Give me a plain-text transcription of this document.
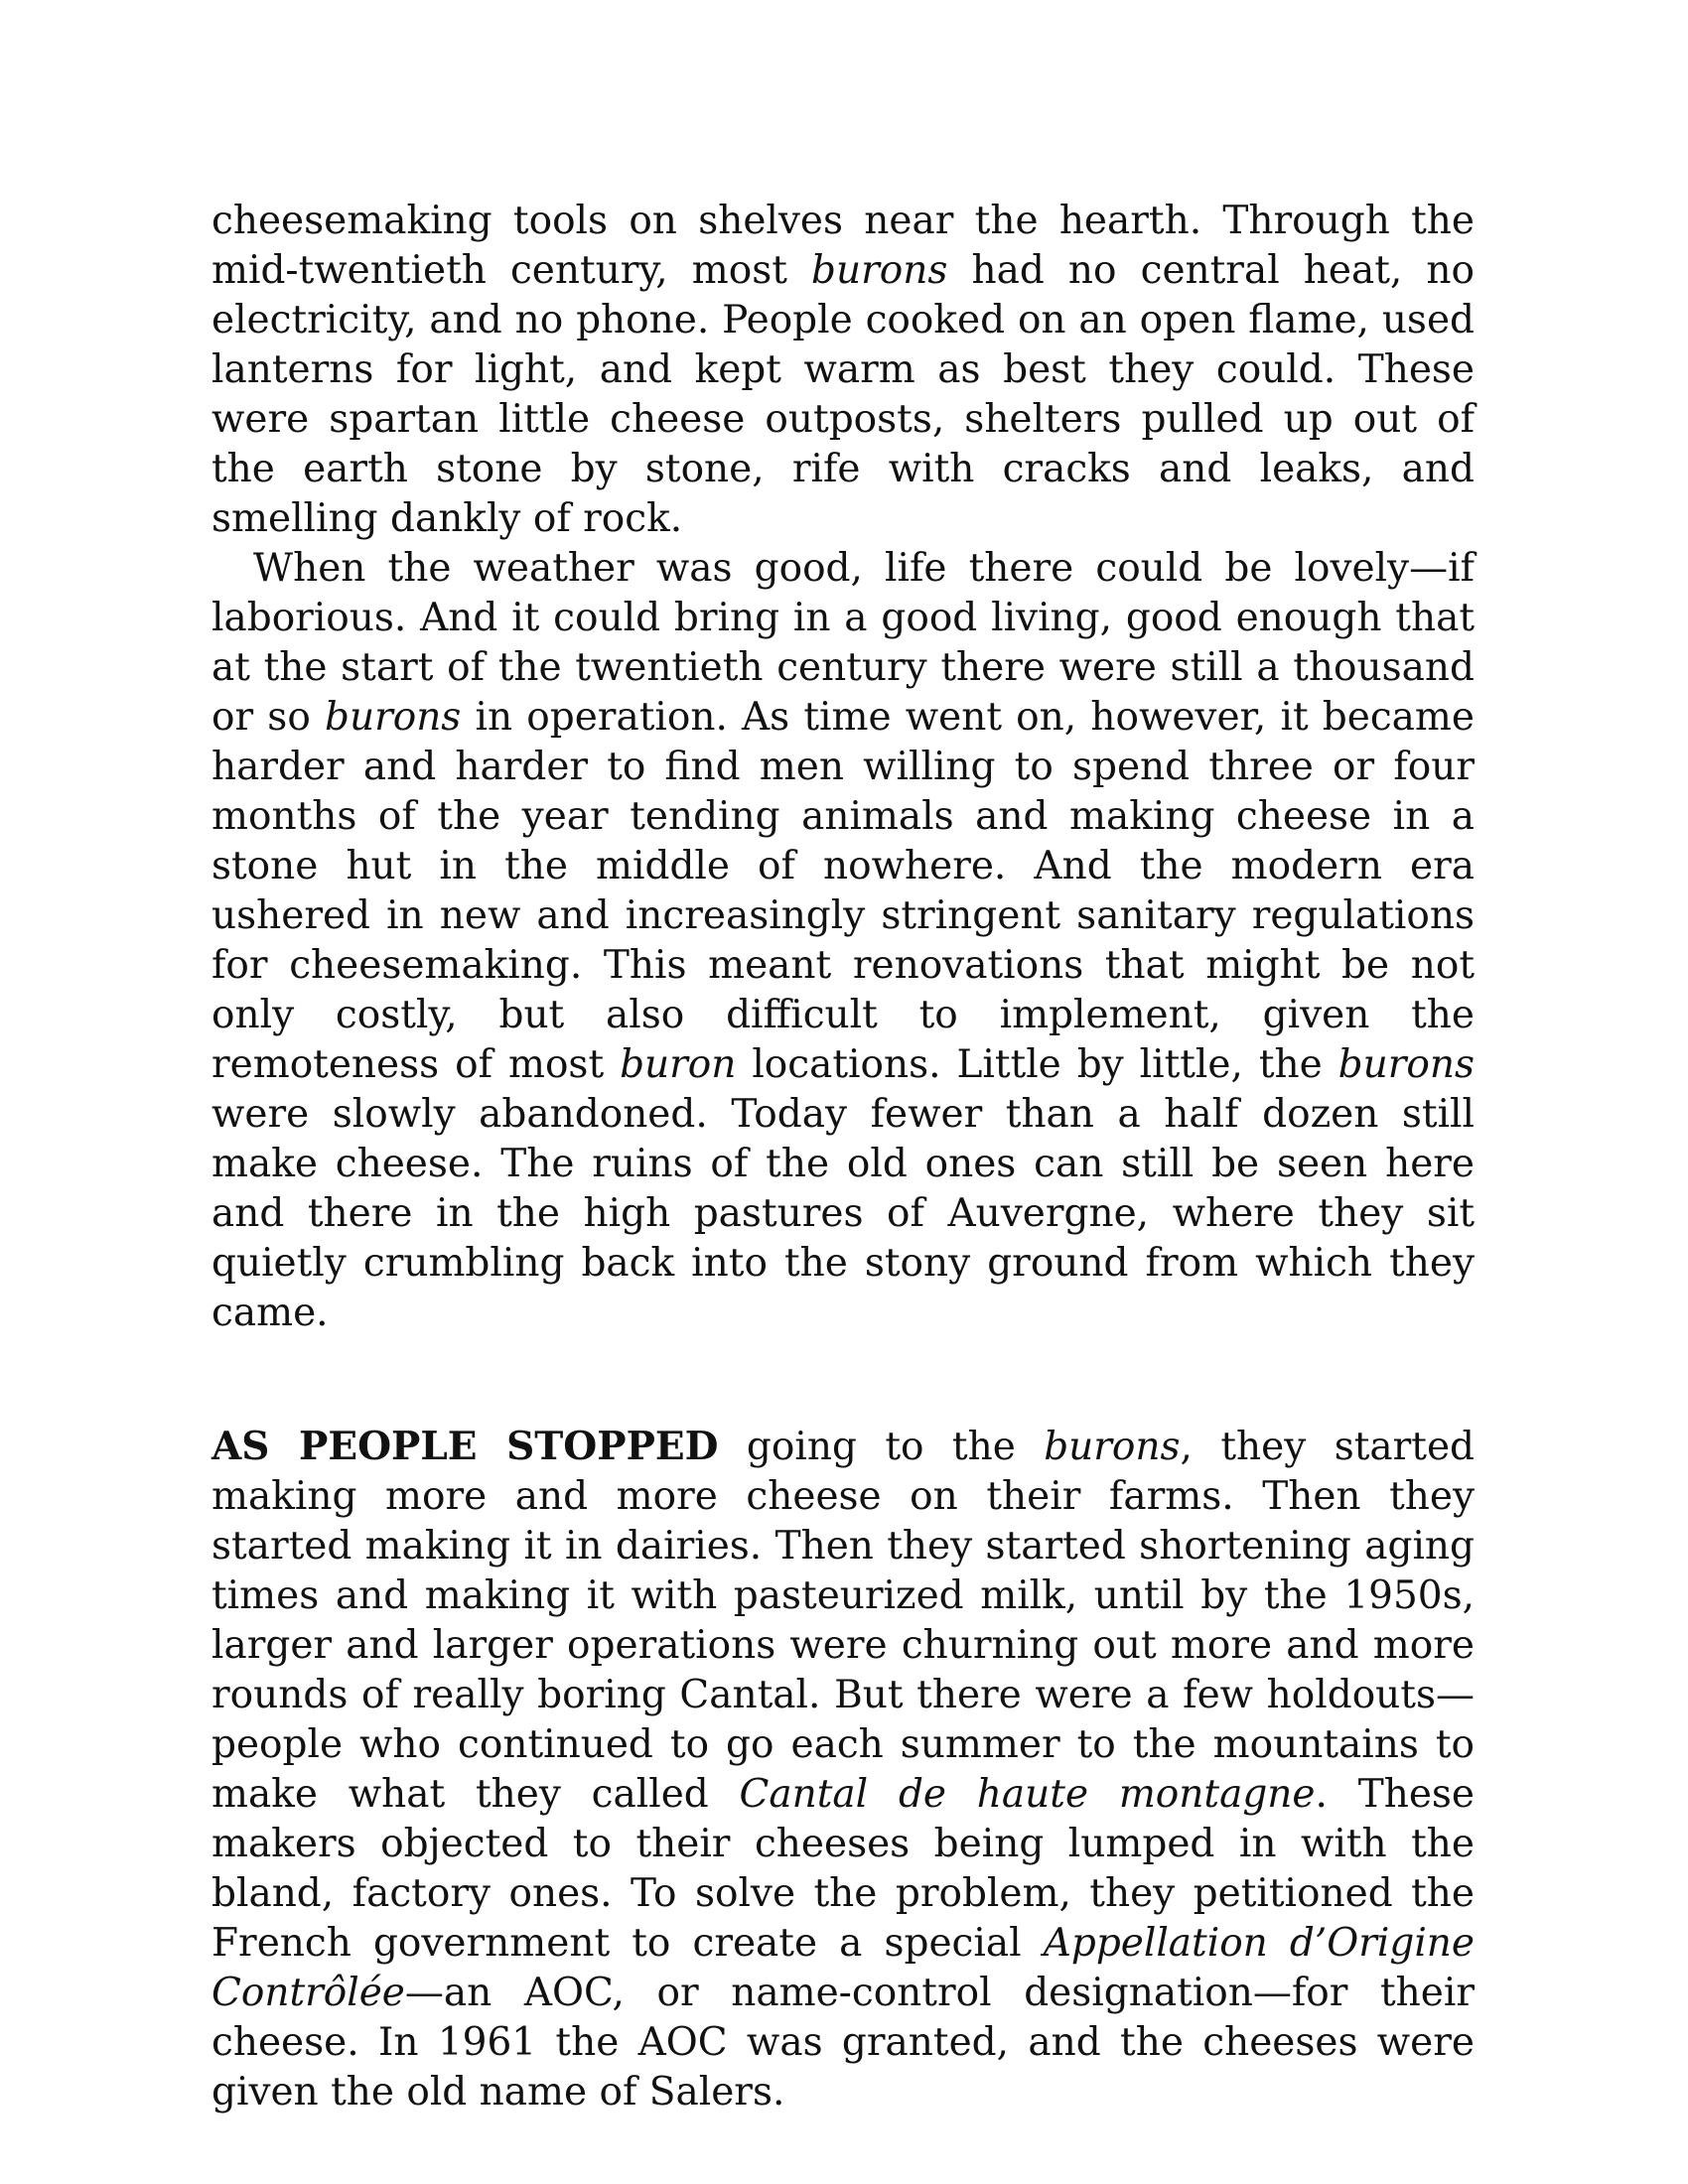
cheesemaking tools on shelves near the hearth. Through the mid-twentieth century, most burons had no central heat, no electricity, and no phone. People cooked on an open flame, used lanterns for light, and kept warm as best they could. These were spartan little cheese outposts, shelters pulled up out of the earth stone by stone, rife with cracks and leaks, and smelling dankly of rock.

When the weather was good, life there could be lovely—if laborious. And it could bring in a good living, good enough that at the start of the twentieth century there were still a thousand or so burons in operation. As time went on, however, it became harder and harder to find men willing to spend three or four months of the year tending animals and making cheese in a stone hut in the middle of nowhere. And the modern era ushered in new and increasingly stringent sanitary regulations for cheesemaking. This meant renovations that might be not only costly, but also difficult to implement, given the remoteness of most buron locations. Little by little, the burons were slowly abandoned. Today fewer than a half dozen still make cheese. The ruins of the old ones can still be seen here and there in the high pastures of Auvergne, where they sit quietly crumbling back into the stony ground from which they came.

AS PEOPLE STOPPED going to the burons, they started making more and more cheese on their farms. Then they started making it in dairies. Then they started shortening aging times and making it with pasteurized milk, until by the 1950s, larger and larger operations were churning out more and more rounds of really boring Cantal. But there were a few holdouts—people who continued to go each summer to the mountains to make what they called Cantal de haute montagne. These makers objected to their cheeses being lumped in with the bland, factory ones. To solve the problem, they petitioned the French government to create a special Appellation d’Origine Contrôlée—an AOC, or name-control designation—for their cheese. In 1961 the AOC was granted, and the cheeses were given the old name of Salers.
